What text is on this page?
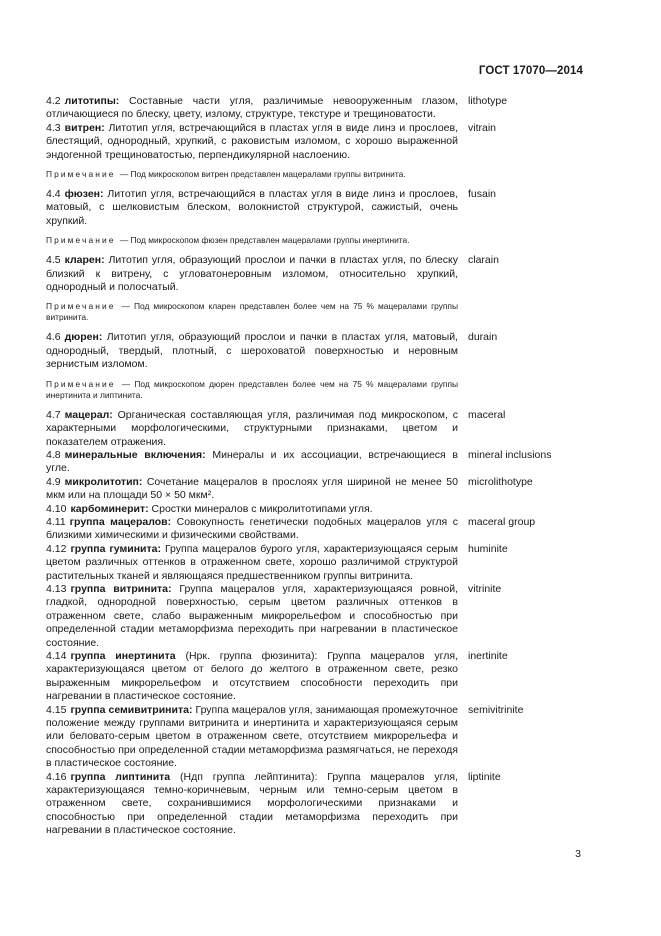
ГОСТ 17070—2014
4.2 литотипы: Составные части угля, различимые невооруженным глазом, отличающиеся по блеску, цвету, излому, структуре, текстуре и трещиноватости.
lithotype
4.3 витрен: Литотип угля, встречающийся в пластах угля в виде линз и прослоев, блестящий, однородный, хрупкий, с раковистым изломом, с хорошо выраженной эндогенной трещиноватостью, перпендикулярной наслоению.
vitrain
Примечание — Под микроскопом витрен представлен мацералами группы витринита.
4.4 фюзен: Литотип угля, встречающийся в пластах угля в виде линз и прослоев, матовый, с шелковистым блеском, волокнистой структурой, сажистый, очень хрупкий.
fusain
Примечание — Под микроскопом фюзен представлен мацералами группы инертинита.
4.5 кларен: Литотип угля, образующий прослои и пачки в пластах угля, по блеску близкий к витрену, с угловатонеровным изломом, относительно хрупкий, однородный и полосчатый.
clarain
Примечание — Под микроскопом кларен представлен более чем на 75 % мацералами группы витринита.
4.6 дюрен: Литотип угля, образующий прослои и пачки в пластах угля, матовый, однородный, твердый, плотный, с шероховатой поверхностью и неровным зернистым изломом.
durain
Примечание — Под микроскопом дюрен представлен более чем на 75 % мацералами группы инертинита и липтинита.
4.7 мацерал: Органическая составляющая угля, различимая под микроскопом, с характерными морфологическими, структурными признаками, цветом и показателем отражения.
maceral
4.8 минеральные включения: Минералы и их ассоциации, встречающиеся в угле.
mineral inclusions
4.9 микролитотип: Сочетание мацералов в прослоях угля шириной не менее 50 мкм или на площади 50 × 50 мкм².
microlithotype
4.10 карбоминерит: Сростки минералов с микролитотипами угля.
4.11 группа мацералов: Совокупность генетически подобных мацералов угля с близкими химическими и физическими свойствами.
maceral group
4.12 группа гуминита: Группа мацералов бурого угля, характеризующаяся серым цветом различных оттенков в отраженном свете, хорошо различимой структурой растительных тканей и являющаяся предшественником группы витринита.
huminite
4.13 группа витринита: Группа мацералов угля, характеризующаяся ровной, гладкой, однородной поверхностью, серым цветом различных оттенков в отраженном свете, слабо выраженным микрорельефом и способностью при определенной стадии метаморфизма переходить при нагревании в пластическое состояние.
vitrinite
4.14 группа инертинита (Нрк. группа фюзинита): Группа мацералов угля, характеризующаяся цветом от белого до желтого в отраженном свете, резко выраженным микрорельефом и отсутствием способности переходить при нагревании в пластическое состояние.
inertinite
4.15 группа семивитринита: Группа мацералов угля, занимающая промежуточное положение между группами витринита и инертинита и характеризующаяся серым или беловато-серым цветом в отраженном свете, отсутствием микрорельефа и способностью при определенной стадии метаморфизма размягчаться, не переходя в пластическое состояние.
semivitrinite
4.16 группа липтинита (Ндп группа лейптинита): Группа мацералов угля, характеризующаяся темно-коричневым, черным или темно-серым цветом в отраженном свете, сохранившимися морфологическими признаками и способностью при определенной стадии метаморфизма переходить при нагревании в пластическое состояние.
liptinite
3
